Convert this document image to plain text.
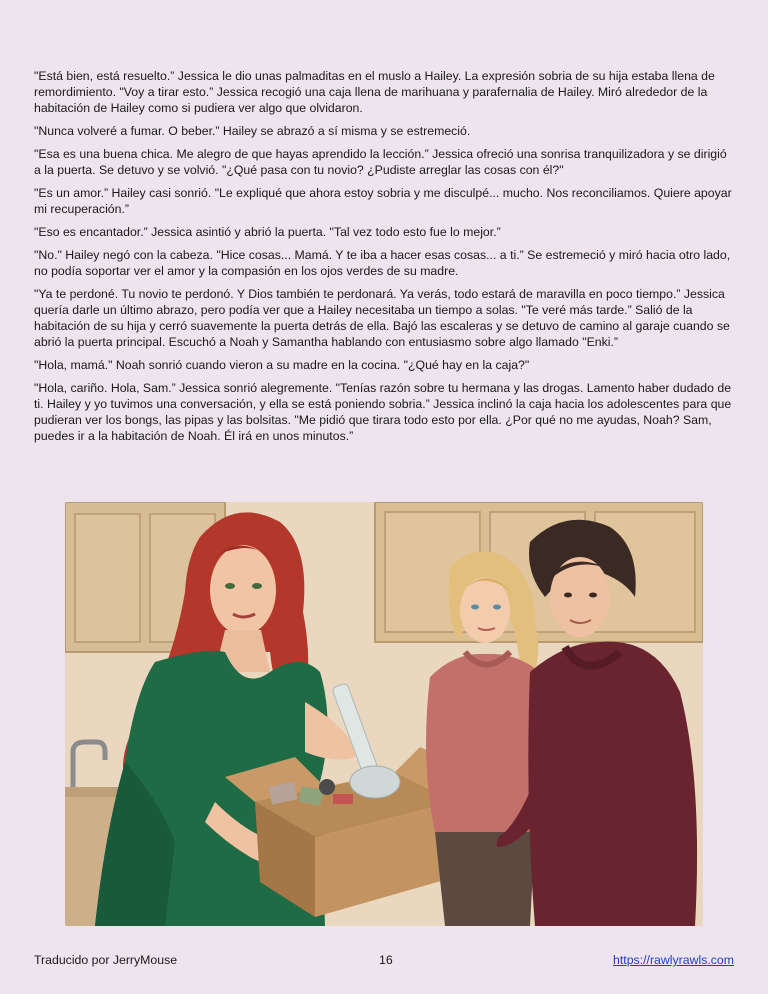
"Está bien, está resuelto.” Jessica le dio unas palmaditas en el muslo a Hailey. La expresión sobria de su hija estaba llena de remordimiento. "Voy a tirar esto.” Jessica recogió una caja llena de marihuana y parafernalia de Hailey. Miró alrededor de la habitación de Hailey como si pudiera ver algo que olvidaron.

"Nunca volveré a fumar. O beber.” Hailey se abrazó a sí misma y se estremeció.

"Esa es una buena chica. Me alegro de que hayas aprendido la lección.” Jessica ofreció una sonrisa tranquilizadora y se dirigió a la puerta. Se detuvo y se volvió. "¿Qué pasa con tu novio? ¿Pudiste arreglar las cosas con él?"

"Es un amor.” Hailey casi sonrió. "Le expliqué que ahora estoy sobria y me disculpé... mucho. Nos reconciliamos. Quiere apoyar mi recuperación.”

"Eso es encantador.” Jessica asintió y abrió la puerta. "Tal vez todo esto fue lo mejor.”

"No." Hailey negó con la cabeza. "Hice cosas... Mamá. Y te iba a hacer esas cosas... a ti.” Se estremeció y miró hacia otro lado, no podía soportar ver el amor y la compasión en los ojos verdes de su madre.

"Ya te perdoné. Tu novio te perdonó. Y Dios también te perdonará. Ya verás, todo estará de maravilla en poco tiempo.” Jessica quería darle un último abrazo, pero podía ver que a Hailey necesitaba un tiempo a solas. "Te veré más tarde.” Salió de la habitación de su hija y cerró suavemente la puerta detrás de ella. Bajó las escaleras y se detuvo de camino al garaje cuando se abrió la puerta principal. Escuchó a Noah y Samantha hablando con entusiasmo sobre algo llamado "Enki.”

"Hola, mamá." Noah sonrió cuando vieron a su madre en la cocina. "¿Qué hay en la caja?"

"Hola, cariño. Hola, Sam.” Jessica sonrió alegremente. "Tenías razón sobre tu hermana y las drogas. Lamento haber dudado de ti. Hailey y yo tuvimos una conversación, y ella se está poniendo sobria.” Jessica inclinó la caja hacia los adolescentes para que pudieran ver los bongs, las pipas y las bolsitas. "Me pidió que tirara todo esto por ella. ¿Por qué no me ayudas, Noah? Sam, puedes ir a la habitación de Noah. Él irá en unos minutos.”

Traducido por JerryMouse	16	https://rawlyrawls.com
